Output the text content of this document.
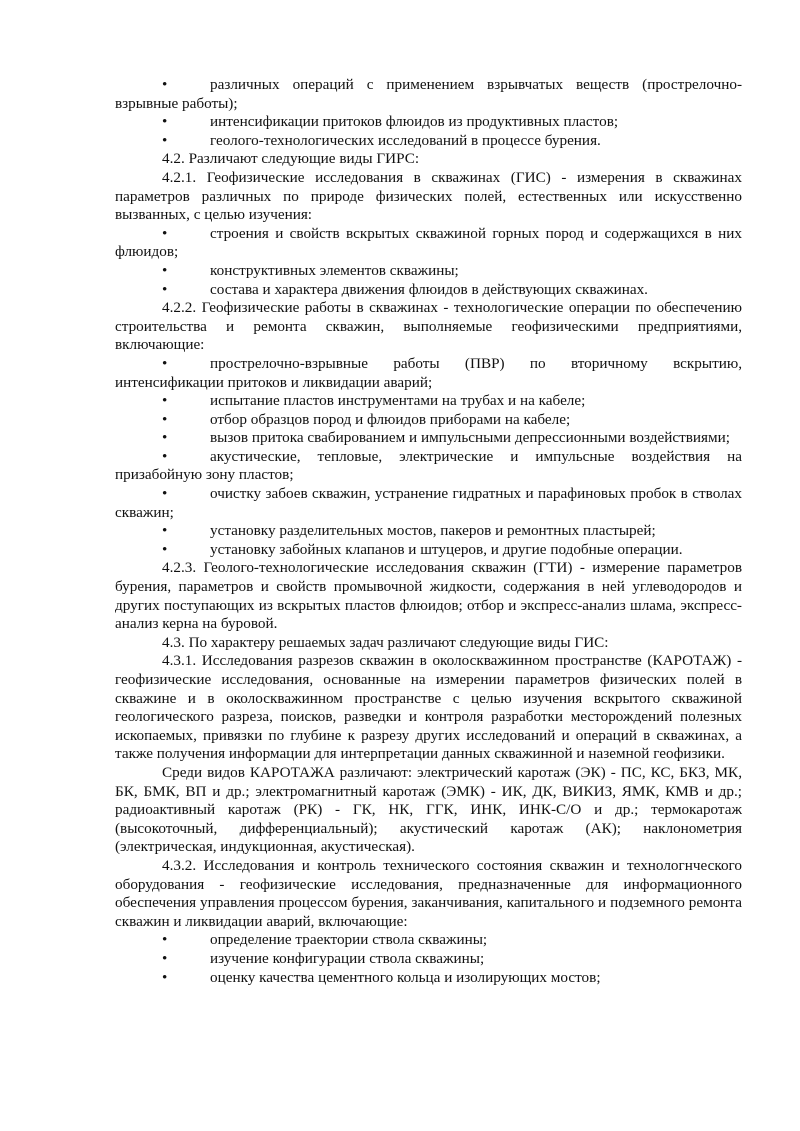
•различных операций с применением взрывчатых веществ (прострелочно-взрывные работы);

•интенсификации притоков флюидов из продуктивных пластов;

•геолого-технологических исследований в процессе бурения.

4.2. Различают следующие виды ГИРС:

4.2.1. Геофизические исследования в скважинах (ГИС) - измерения в скважинах параметров различных по природе физических полей, естественных или искусственно вызванных, с целью изучения:

•строения и свойств вскрытых скважиной горных пород и содержащихся в них флюидов;

•конструктивных элементов скважины;

•состава и характера движения флюидов в действующих скважинах.

4.2.2. Геофизические работы в скважинах - технологические операции по обеспечению строительства и ремонта скважин, выполняемые геофизическими предприятиями, включающие:

•прострелочно-взрывные работы (ПВР) по вторичному вскрытию, интенсификации притоков и ликвидации аварий;

•испытание пластов инструментами на трубах и на кабеле;

•отбор образцов пород и флюидов приборами на кабеле;

•вызов притока свабированием и импульсными депрессионными воздействиями;

•акустические, тепловые, электрические и импульсные воздействия на призабойную зону пластов;

•очистку забоев скважин, устранение гидратных и парафиновых пробок в стволах скважин;

•установку разделительных мостов, пакеров и ремонтных пластырей;

•установку забойных клапанов и штуцеров, и другие подобные операции.

4.2.3. Геолого-технологические исследования скважин (ГТИ) - измерение параметров бурения, параметров и свойств промывочной жидкости, содержания в ней углеводородов и других поступающих из вскрытых пластов флюидов; отбор и экспресс-анализ шлама, экспресс-анализ керна на буровой.

4.3. По характеру решаемых задач различают следующие виды ГИС:

4.3.1. Исследования разрезов скважин в околоскважинном пространстве (КАРОТАЖ) - геофизические исследования, основанные на измерении параметров физических полей в скважине и в околоскважинном пространстве с целью изучения вскрытого скважиной геологического разреза, поисков, разведки и контроля разработки месторождений полезных ископаемых, привязки по глубине к разрезу других исследований и операций в скважинах, а также получения информации для интерпретации данных скважинной и наземной геофизики.

Среди видов КАРОТАЖА различают: электрический каротаж (ЭК) - ПС, КС, БКЗ, МК, БК, БМК, ВП и др.; электромагнитный каротаж (ЭМК) - ИК, ДК, ВИКИЗ, ЯМК, КМВ и др.; радиоактивный каротаж (РК) - ГК, НК, ГГК, ИНК, ИНК-С/О и др.; термокаротаж (высокоточный, дифференциальный); акустический каротаж (АК); наклонометрия (электрическая, индукционная, акустическая).

4.3.2. Исследования и контроль технического состояния скважин и технологнческого оборудования - геофизические исследования, предназначенные для информационного обеспечения управления процессом бурения, заканчивания, капитального и подземного ремонта скважин и ликвидации аварий, включающие:

•определение траектории ствола скважины;

•изучение конфигурации ствола скважины;

•оценку качества цементного кольца и изолирующих мостов;
